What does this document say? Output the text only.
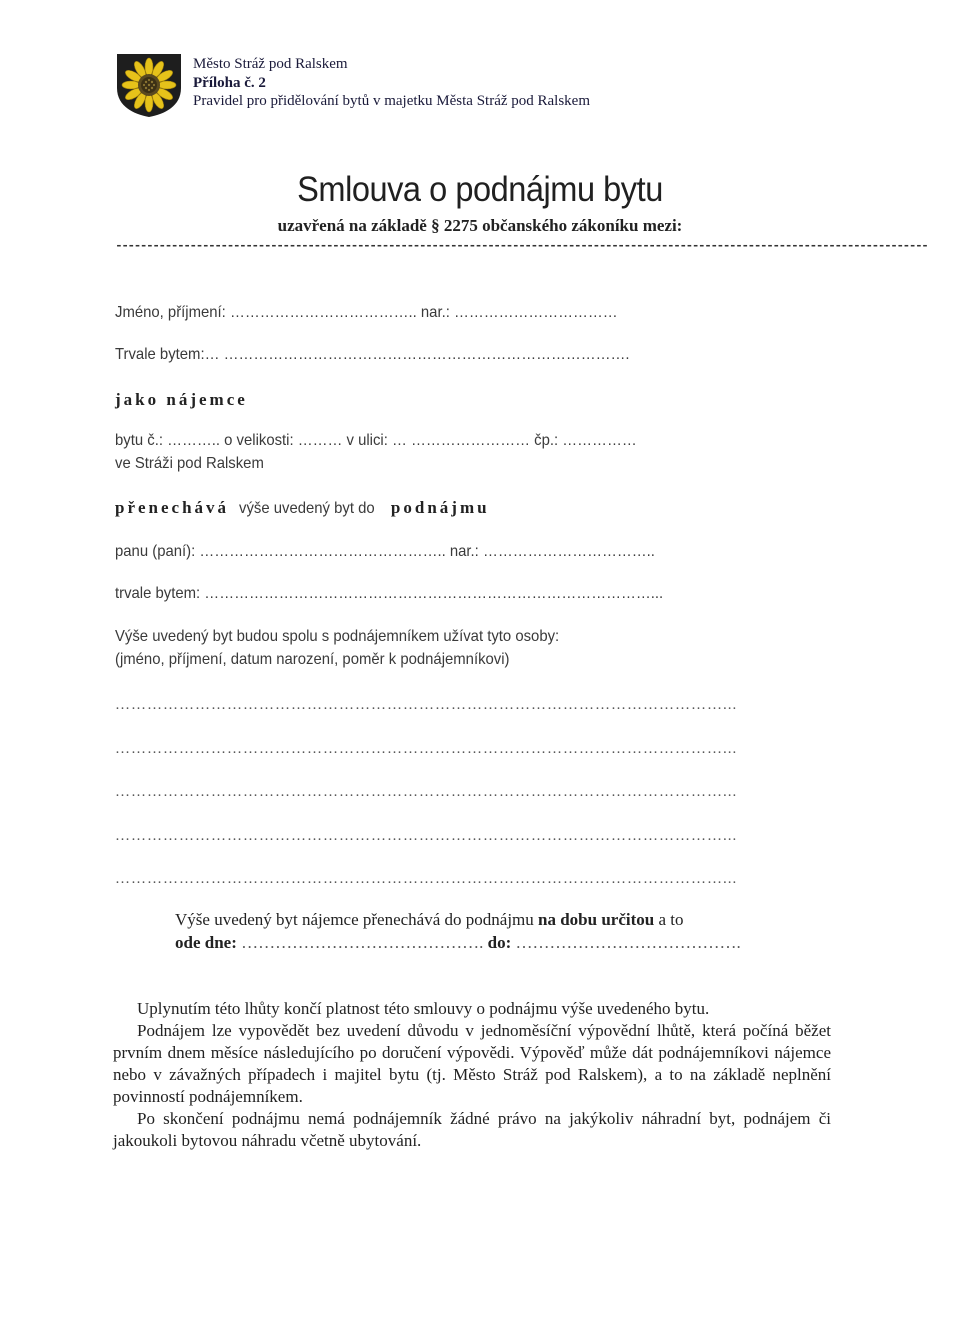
Město Stráž pod Ralskem
Příloha č. 2
Pravidel pro přidělování bytů v majetku Města Stráž pod Ralskem
Smlouva o podnájmu bytu
uzavřená na základě § 2275 občanského zákoníku mezi:
-----------------------------------------------------------------------------------------------------------------------------------
Jméno, příjmení: ……………………………….. nar.: ……………………………
Trvale bytem:… ……………………………………………………………………….
jako nájemce
bytu č.: ……….. o velikosti: ……… v ulici: … …………………… čp.: ……………
ve Stráži pod Ralskem
přenechává výše uvedený byt do podnájmu
panu (paní): ………………………………………….. nar.: ……………………………..
trvale bytem: ………………………………………………………………………………...
Výše uvedený byt budou spolu s podnájemníkem užívat tyto osoby:
(jméno, příjmení, datum narození, poměr k podnájemníkovi)
……………………………………………………………………………………………………...
……………………………………………………………………………………………………...
……………………………………………………………………………………………………...
……………………………………………………………………………………………………...
……………………………………………………………………………………………………...
Výše uvedený byt nájemce přenechává do podnájmu na dobu určitou a to
ode dne: ……………………………………. do: ………………………………….

Uplynutím této lhůty končí platnost této smlouvy o podnájmu výše uvedeného bytu.

Podnájem lze vypovědět bez uvedení důvodu v jednoměsíční výpovědní lhůtě, která počíná běžet prvním dnem měsíce následujícího po doručení výpovědi. Výpověď může dát podnájemníkovi nájemce nebo v závažných případech i majitel bytu (tj. Město Stráž pod Ralskem), a to na základě neplnění povinností podnájemníkem.

Po skončení podnájmu nemá podnájemník žádné právo na jakýkoliv náhradní byt, podnájem či jakoukoli bytovou náhradu včetně ubytování.
